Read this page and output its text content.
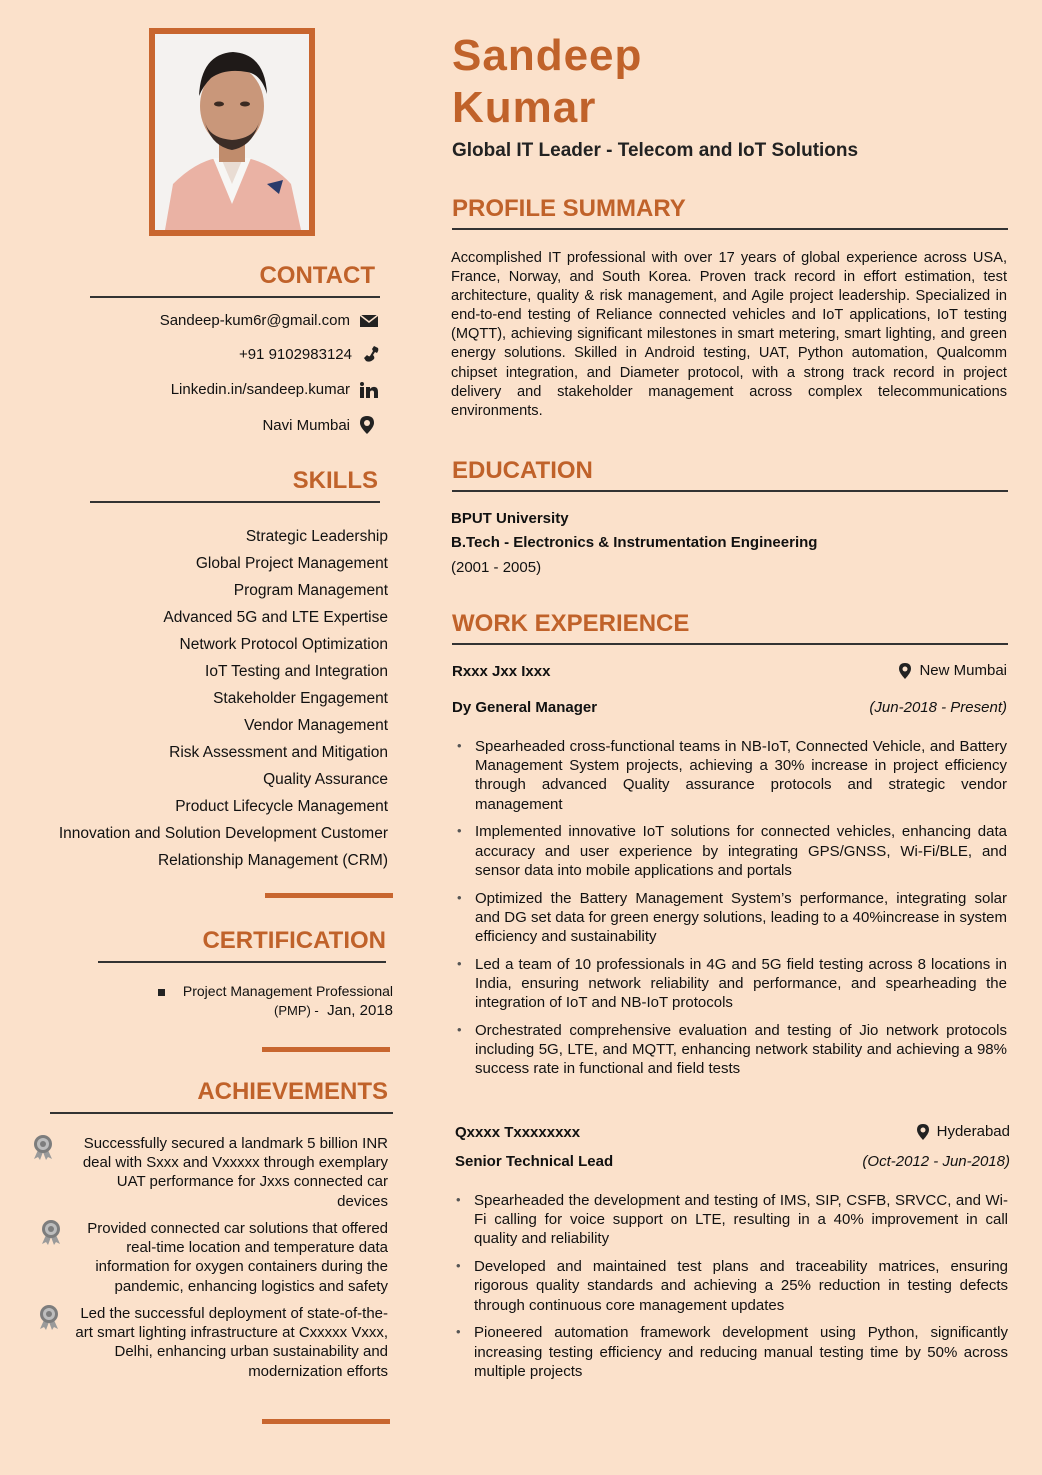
Sandeep
Kumar
Global IT Leader - Telecom and IoT Solutions
PROFILE SUMMARY
Accomplished IT professional with over 17 years of global experience across USA, France, Norway, and South Korea. Proven track record in effort estimation, test architecture, quality & risk management, and Agile project leadership. Specialized in end-to-end testing of Reliance connected vehicles and IoT applications, IoT testing (MQTT), achieving significant milestones in smart metering, smart lighting, and green energy solutions. Skilled in Android testing, UAT, Python automation, Qualcomm chipset integration, and Diameter protocol, with a strong track record in project delivery and stakeholder management across complex telecommunications environments.
CONTACT
Sandeep-kum6r@gmail.com
+91 9102983124
Linkedin.in/sandeep.kumar
Navi Mumbai
SKILLS
Strategic Leadership
Global Project Management
Program Management
Advanced 5G and LTE Expertise
Network Protocol Optimization
IoT Testing and Integration
Stakeholder Engagement
Vendor Management
Risk Assessment and Mitigation
Quality Assurance
Product Lifecycle Management
Innovation and Solution Development Customer
Relationship Management (CRM)
CERTIFICATION
Project Management Professional
(PMP) - Jan, 2018
ACHIEVEMENTS
Successfully secured a landmark 5 billion INR deal with Sxxx and Vxxxxx through exemplary UAT performance for Jxxs connected car devices
Provided connected car solutions that offered real-time location and temperature data information for oxygen containers during the pandemic, enhancing logistics and safety
Led the successful deployment of state-of-the-art smart lighting infrastructure at Cxxxxx Vxxx, Delhi, enhancing urban sustainability and modernization efforts
EDUCATION
BPUT University
B.Tech - Electronics & Instrumentation Engineering
(2001 - 2005)
WORK EXPERIENCE
Rxxx Jxx Ixxx	New Mumbai
Dy General Manager	(Jun-2018 - Present)
• Spearheaded cross-functional teams in NB-IoT, Connected Vehicle, and Battery Management System projects, achieving a 30% increase in project efficiency through advanced Quality assurance protocols and strategic vendor management
• Implemented innovative IoT solutions for connected vehicles, enhancing data accuracy and user experience by integrating GPS/GNSS, Wi-Fi/BLE, and sensor data into mobile applications and portals
• Optimized the Battery Management System’s performance, integrating solar and DG set data for green energy solutions, leading to a 40%increase in system efficiency and sustainability
• Led a team of 10 professionals in 4G and 5G field testing across 8 locations in India, ensuring network reliability and performance, and spearheading the integration of IoT and NB-IoT protocols
• Orchestrated comprehensive evaluation and testing of Jio network protocols including 5G, LTE, and MQTT, enhancing network stability and achieving a 98% success rate in functional and field tests
Qxxxx Txxxxxxxx	Hyderabad
Senior Technical Lead	(Oct-2012 - Jun-2018)
• Spearheaded the development and testing of IMS, SIP, CSFB, SRVCC, and Wi-Fi calling for voice support on LTE, resulting in a 40% improvement in call quality and reliability
• Developed and maintained test plans and traceability matrices, ensuring rigorous quality standards and achieving a 25% reduction in testing defects through continuous core management updates
• Pioneered automation framework development using Python, significantly increasing testing efficiency and reducing manual testing time by 50% across multiple projects
